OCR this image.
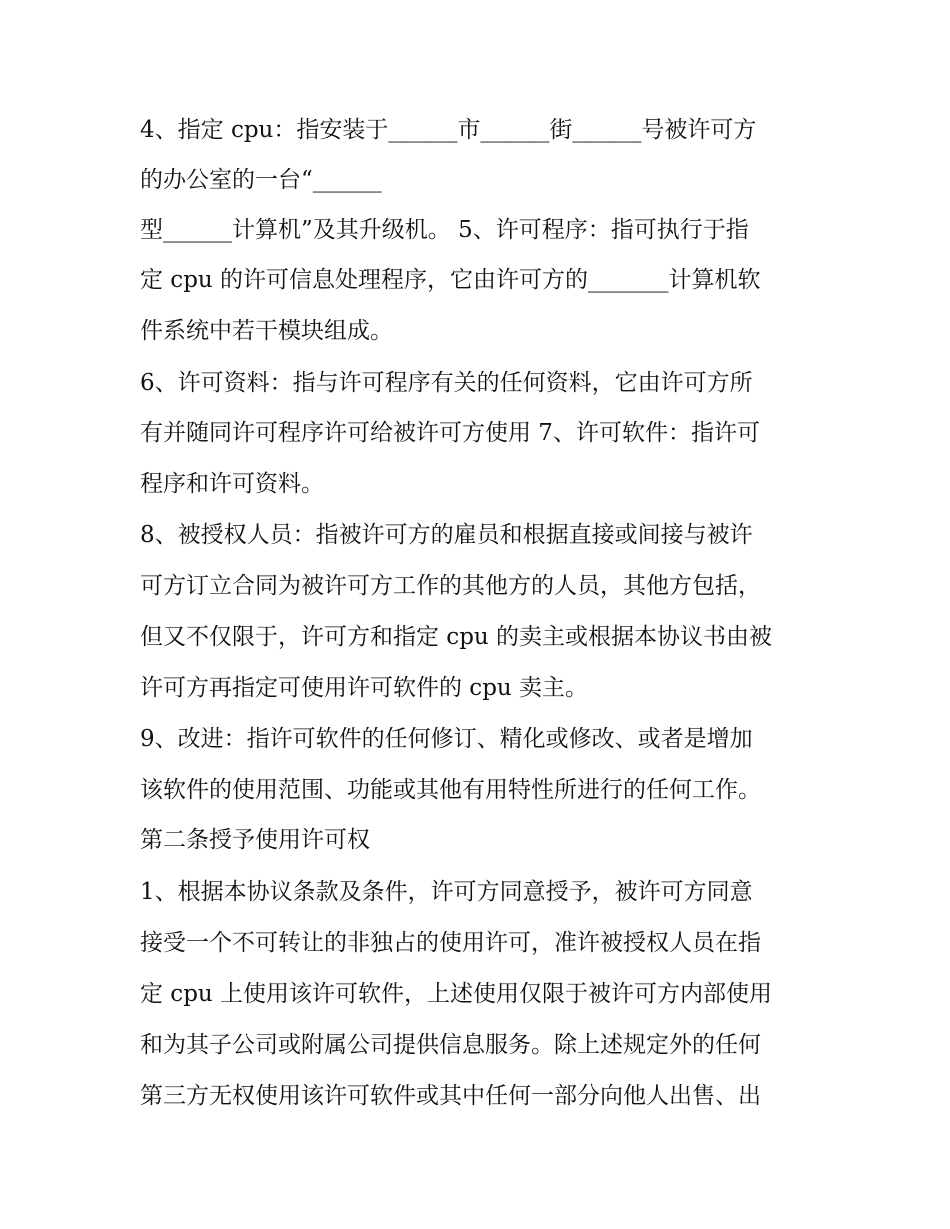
4、指定 cpu：指安装于______市______街______号被许可方
的办公室的一台“______
型______计算机”及其升级机。 5、许可程序：指可执行于指
定 cpu 的许可信息处理程序，它由许可方的_______计算机软
件系统中若干模块组成。
6、许可资料：指与许可程序有关的任何资料，它由许可方所
有并随同许可程序许可给被许可方使用 7、许可软件：指许可
程序和许可资料。
8、被授权人员：指被许可方的雇员和根据直接或间接与被许
可方订立合同为被许可方工作的其他方的人员，其他方包括，
但又不仅限于，许可方和指定 cpu 的卖主或根据本协议书由被
许可方再指定可使用许可软件的 cpu 卖主。
9、改进：指许可软件的任何修订、精化或修改、或者是增加
该软件的使用范围、功能或其他有用特性所进行的任何工作。
第二条授予使用许可权
1、根据本协议条款及条件，许可方同意授予，被许可方同意
接受一个不可转让的非独占的使用许可，准许被授权人员在指
定 cpu 上使用该许可软件，上述使用仅限于被许可方内部使用
和为其子公司或附属公司提供信息服务。除上述规定外的任何
第三方无权使用该许可软件或其中任何一部分向他人出售、出
